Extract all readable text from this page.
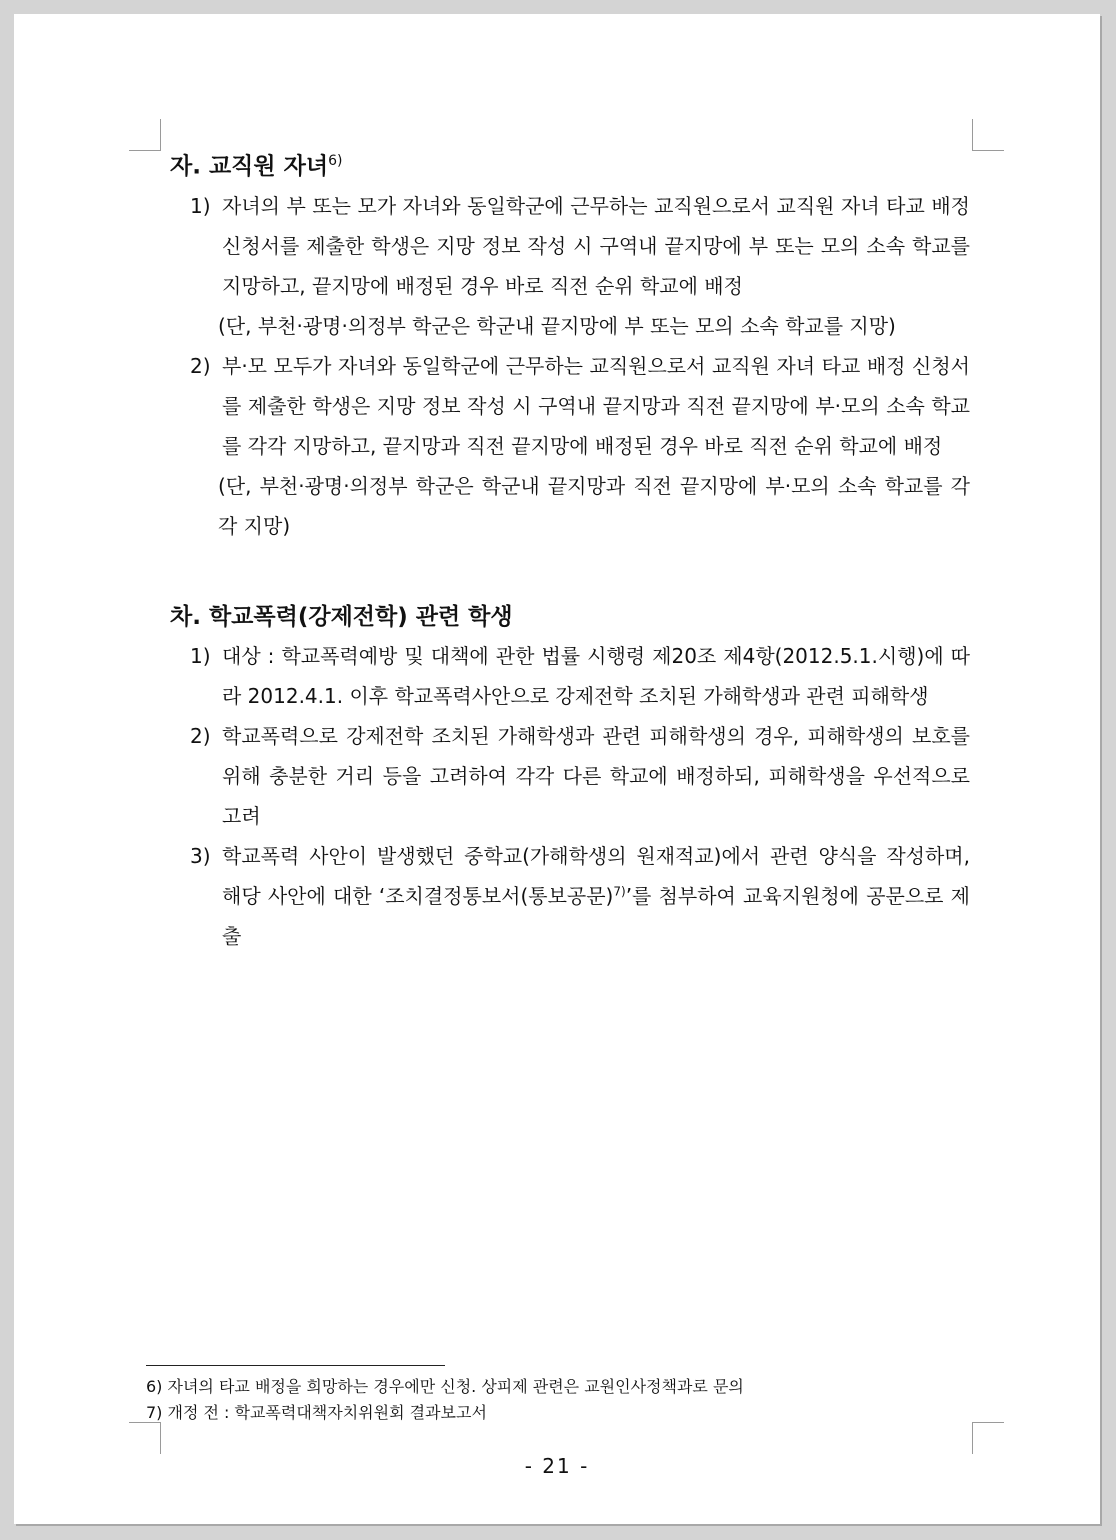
자. 교직원 자녀$^{6)}$
1) 자녀의 부 또는 모가 자녀와 동일학군에 근무하는 교직원으로서 교직원 자녀 타교 배정 신청서를 제출한 학생은 지망 정보 작성 시 구역내 끝지망에 부 또는 모의 소속 학교를 지망하고, 끝지망에 배정된 경우 바로 직전 순위 학교에 배정
(단, 부천·광명·의정부 학군은 학군내 끝지망에 부 또는 모의 소속 학교를 지망)
2) 부·모 모두가 자녀와 동일학군에 근무하는 교직원으로서 교직원 자녀 타교 배정 신청서를 제출한 학생은 지망 정보 작성 시 구역내 끝지망과 직전 끝지망에 부·모의 소속 학교를 각각 지망하고, 끝지망과 직전 끝지망에 배정된 경우 바로 직전 순위 학교에 배정
(단, 부천·광명·의정부 학군은 학군내 끝지망과 직전 끝지망에 부·모의 소속 학교를 각각 지망)
차. 학교폭력(강제전학) 관련 학생
1) 대상 : 학교폭력예방 및 대책에 관한 법률 시행령 제20조 제4항(2012.5.1.시행)에 따라 2012.4.1. 이후 학교폭력사안으로 강제전학 조치된 가해학생과 관련 피해학생
2) 학교폭력으로 강제전학 조치된 가해학생과 관련 피해학생의 경우, 피해학생의 보호를 위해 충분한 거리 등을 고려하여 각각 다른 학교에 배정하되, 피해학생을 우선적으로 고려
3) 학교폭력 사안이 발생했던 중학교(가해학생의 원재적교)에서 관련 양식을 작성하며, 해당 사안에 대한 ‘조치결정통보서(통보공문)$^{7)}$’를 첨부하여 교육지원청에 공문으로 제출
6) 자녀의 타교 배정을 희망하는 경우에만 신청. 상피제 관련은 교원인사정책과로 문의
7) 개정 전 : 학교폭력대책자치위원회 결과보고서
- 21 -
